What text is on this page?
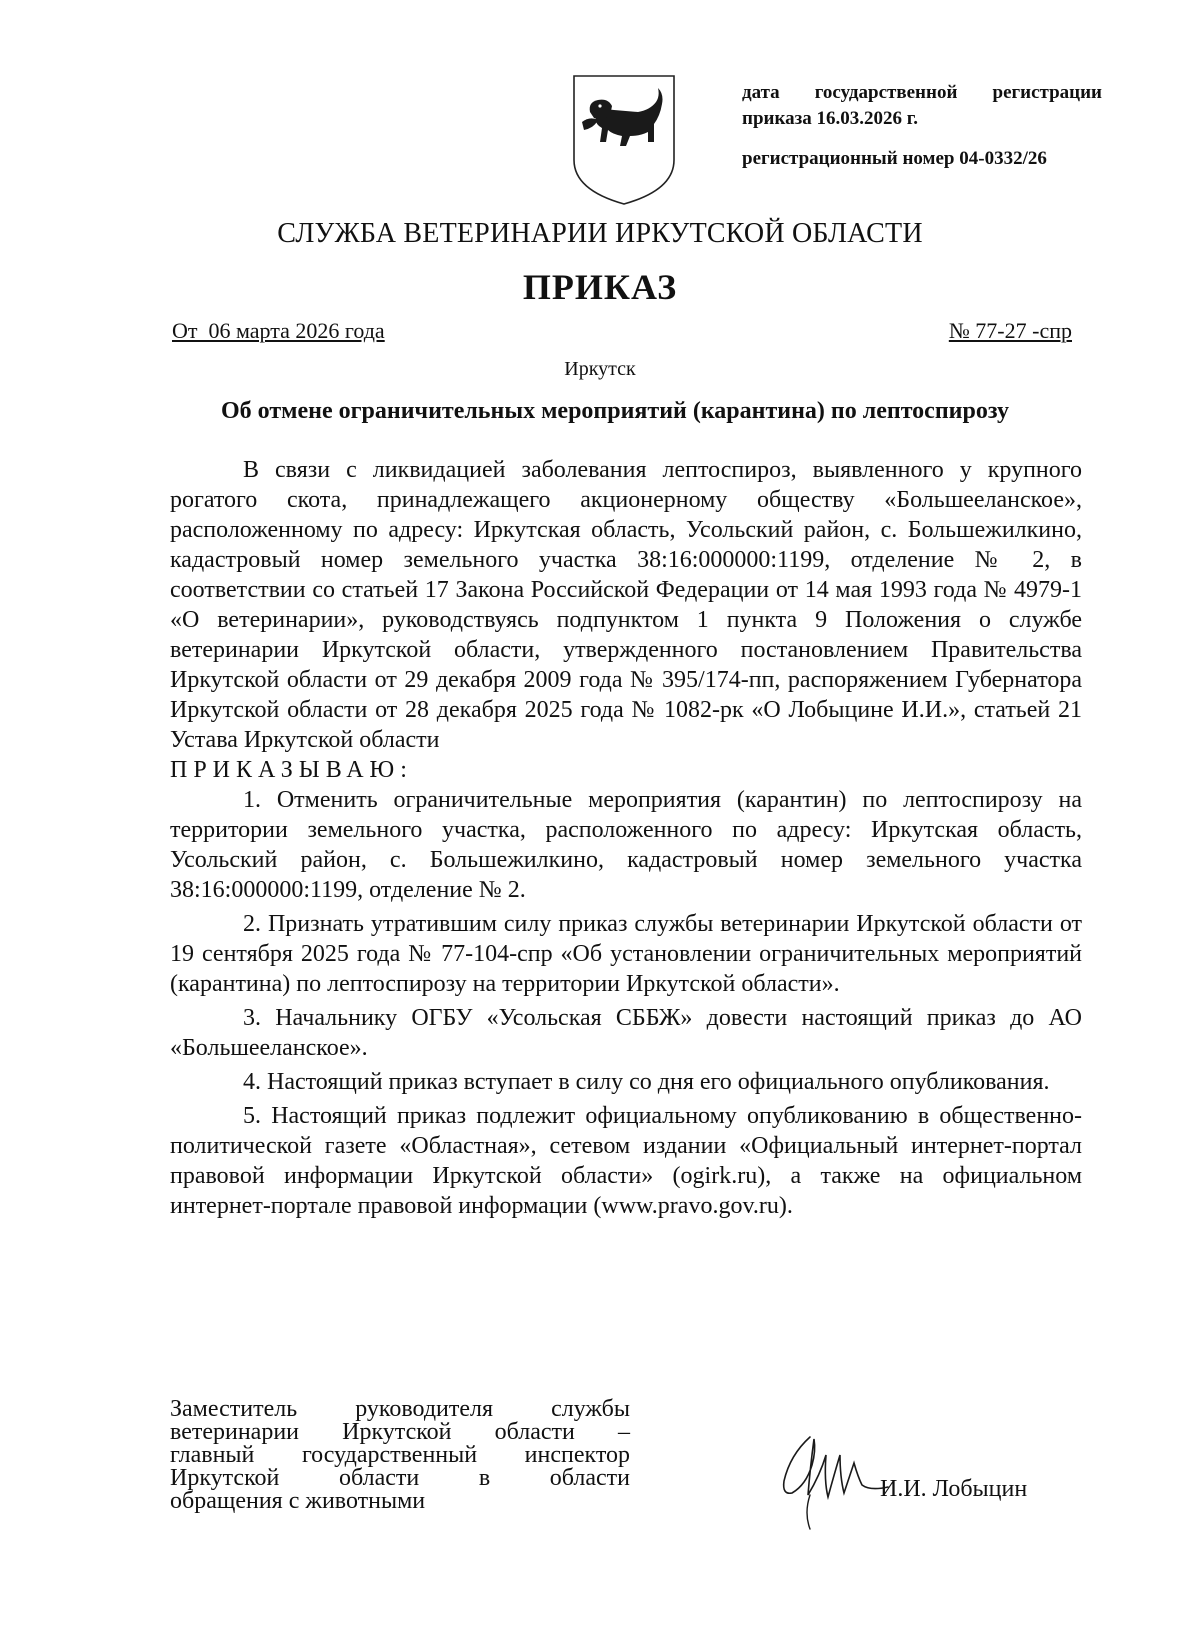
дата государственной регистрации
приказа 16.03.2026 г.
регистрационный номер 04-0332/26
СЛУЖБА ВЕТЕРИНАРИИ ИРКУТСКОЙ ОБЛАСТИ
ПРИКАЗ
От  06 марта 2026 года	№ 77-27 -спр
Иркутск
Об отмене ограничительных мероприятий (карантина) по лептоспирозу

В связи с ликвидацией заболевания лептоспироз, выявленного у крупного рогатого скота, принадлежащего акционерному обществу «Большееланское», расположенному по адресу: Иркутская область, Усольский район, с. Большежилкино, кадастровый номер земельного участка 38:16:000000:1199, отделение № 2, в соответствии со статьей 17 Закона Российской Федерации от 14 мая 1993 года № 4979-1 «О ветеринарии», руководствуясь подпунктом 1 пункта 9 Положения о службе ветеринарии Иркутской области, утвержденного постановлением Правительства Иркутской области от 29 декабря 2009 года № 395/174-пп, распоряжением Губернатора Иркутской области от 28 декабря 2025 года № 1082-рк «О Лобыцине И.И.», статьей 21 Устава Иркутской области

ПРИКАЗЫВАЮ:

1. Отменить ограничительные мероприятия (карантин) по лептоспирозу на территории земельного участка, расположенного по адресу: Иркутская область, Усольский район, с. Большежилкино, кадастровый номер земельного участка 38:16:000000:1199, отделение № 2.

2. Признать утратившим силу приказ службы ветеринарии Иркутской области от 19 сентября 2025 года № 77-104-спр «Об установлении ограничительных мероприятий (карантина) по лептоспирозу на территории Иркутской области».

3. Начальнику ОГБУ «Усольская СББЖ» довести настоящий приказ до АО «Большееланское».

4. Настоящий приказ вступает в силу со дня его официального опубликования.

5. Настоящий приказ подлежит официальному опубликованию в общественно-политической газете «Областная», сетевом издании «Официальный интернет-портал правовой информации Иркутской области» (ogirk.ru), а также на официальном интернет-портале правовой информации (www.pravo.gov.ru).

Заместитель руководителя службы
ветеринарии Иркутской области –
главный государственный инспектор
Иркутской области в области
обращения с животными	И.И. Лобыцин
